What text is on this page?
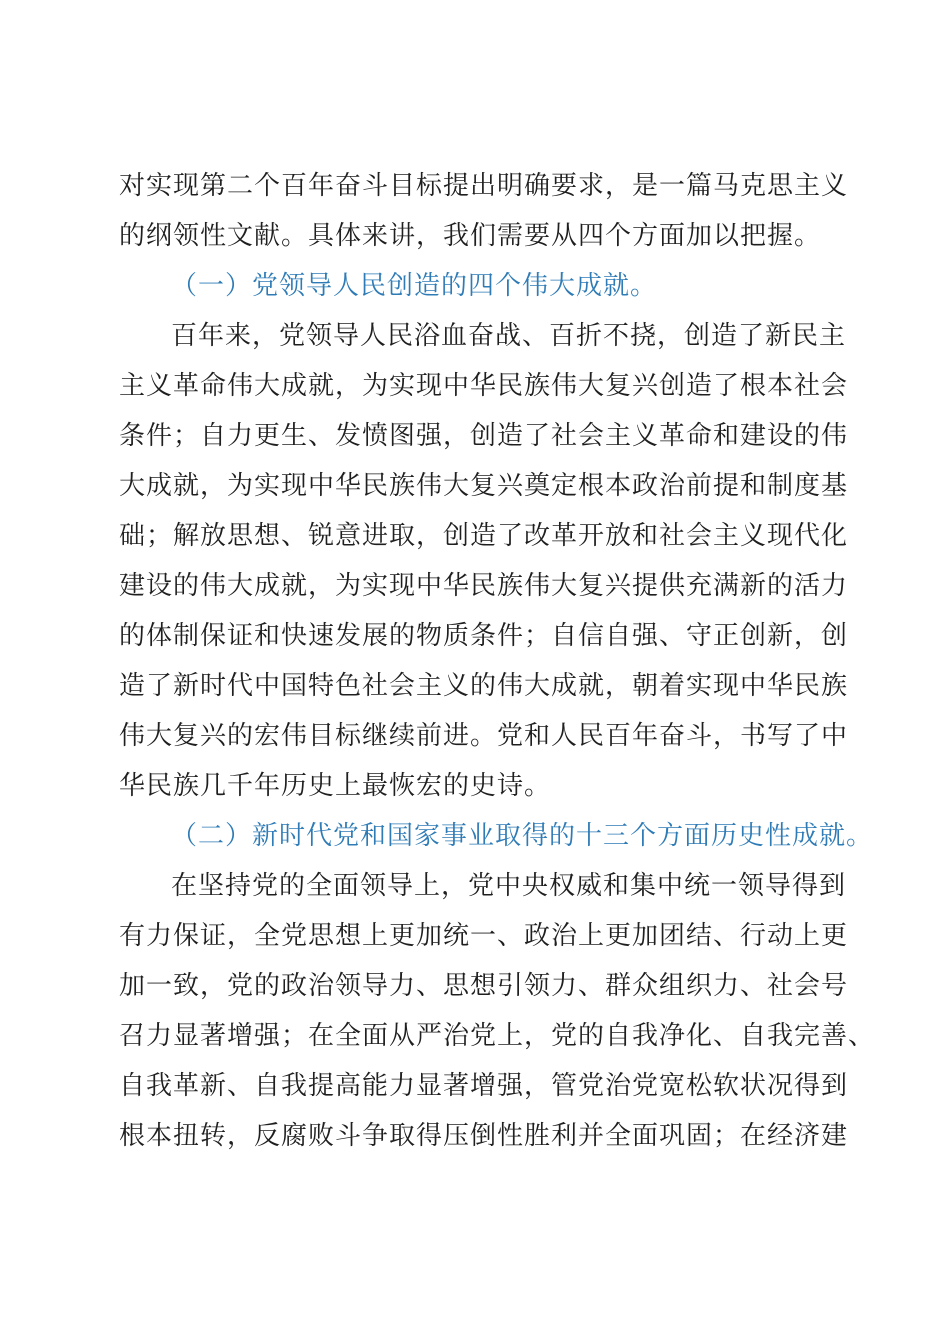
对实现第二个百年奋斗目标提出明确要求，是一篇马克思主义
的纲领性文献。具体来讲，我们需要从四个方面加以把握。
（一）党领导人民创造的四个伟大成就。
百年来，党领导人民浴血奋战、百折不挠，创造了新民主
主义革命伟大成就，为实现中华民族伟大复兴创造了根本社会
条件；自力更生、发愤图强，创造了社会主义革命和建设的伟
大成就，为实现中华民族伟大复兴奠定根本政治前提和制度基
础；解放思想、锐意进取，创造了改革开放和社会主义现代化
建设的伟大成就，为实现中华民族伟大复兴提供充满新的活力
的体制保证和快速发展的物质条件；自信自强、守正创新，创
造了新时代中国特色社会主义的伟大成就，朝着实现中华民族
伟大复兴的宏伟目标继续前进。党和人民百年奋斗，书写了中
华民族几千年历史上最恢宏的史诗。
（二）新时代党和国家事业取得的十三个方面历史性成就。
在坚持党的全面领导上，党中央权威和集中统一领导得到
有力保证，全党思想上更加统一、政治上更加团结、行动上更
加一致，党的政治领导力、思想引领力、群众组织力、社会号
召力显著增强；在全面从严治党上，党的自我净化、自我完善、
自我革新、自我提高能力显著增强，管党治党宽松软状况得到
根本扭转，反腐败斗争取得压倒性胜利并全面巩固；在经济建
